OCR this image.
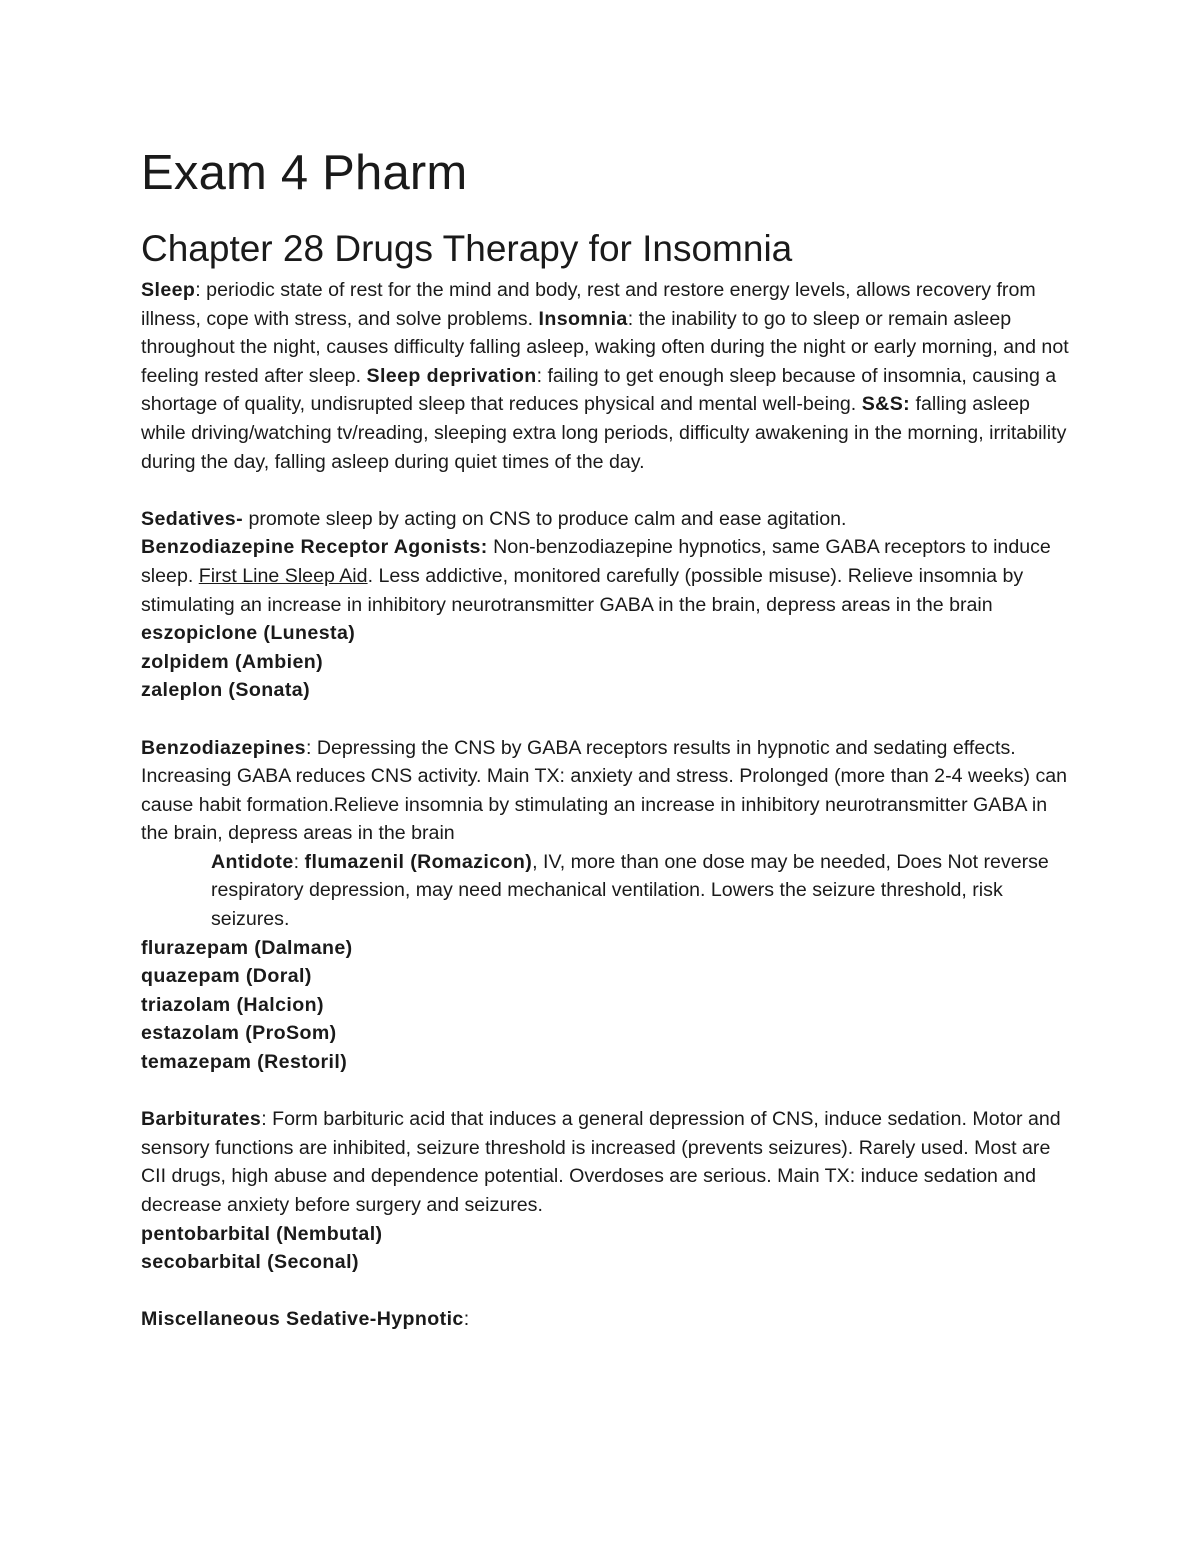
Exam 4 Pharm
Chapter 28 Drugs Therapy for Insomnia

Sleep: periodic state of rest for the mind and body, rest and restore energy levels, allows recovery from illness, cope with stress, and solve problems. Insomnia: the inability to go to sleep or remain asleep throughout the night, causes difficulty falling asleep, waking often during the night or early morning, and not feeling rested after sleep. Sleep deprivation: failing to get enough sleep because of insomnia, causing a shortage of quality, undisrupted sleep that reduces physical and mental well-being. S&S: falling asleep while driving/watching tv/reading, sleeping extra long periods, difficulty awakening in the morning, irritability during the day, falling asleep during quiet times of the day.

Sedatives- promote sleep by acting on CNS to produce calm and ease agitation.

Benzodiazepine Receptor Agonists: Non-benzodiazepine hypnotics, same GABA receptors to induce sleep. First Line Sleep Aid. Less addictive, monitored carefully (possible misuse). Relieve insomnia by stimulating an increase in inhibitory neurotransmitter GABA in the brain, depress areas in the brain

eszopiclone (Lunesta)

zolpidem (Ambien)

zaleplon (Sonata)

Benzodiazepines: Depressing the CNS by GABA receptors results in hypnotic and sedating effects. Increasing GABA reduces CNS activity. Main TX: anxiety and stress. Prolonged (more than 2-4 weeks) can cause habit formation.Relieve insomnia by stimulating an increase in inhibitory neurotransmitter GABA in the brain, depress areas in the brain

Antidote: flumazenil (Romazicon), IV, more than one dose may be needed, Does Not reverse respiratory depression, may need mechanical ventilation. Lowers the seizure threshold, risk seizures.

flurazepam (Dalmane)

quazepam (Doral)

triazolam (Halcion)

estazolam (ProSom)

temazepam (Restoril)

Barbiturates: Form barbituric acid that induces a general depression of CNS, induce sedation. Motor and sensory functions are inhibited, seizure threshold is increased (prevents seizures). Rarely used. Most are CII drugs, high abuse and dependence potential. Overdoses are serious. Main TX: induce sedation and decrease anxiety before surgery and seizures.

pentobarbital (Nembutal)

secobarbital (Seconal)

Miscellaneous Sedative-Hypnotic:
